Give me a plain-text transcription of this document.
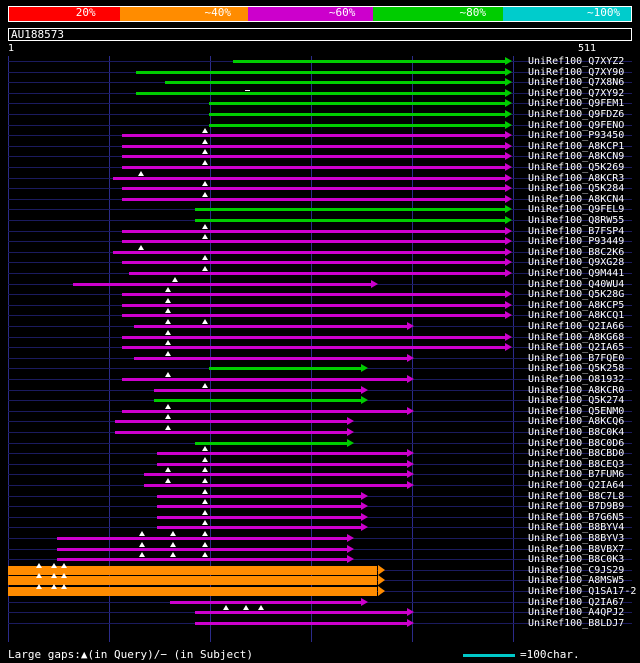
20%	~40%	~60%	~80%	~100%
AU188573
1	511
UniRef100_Q7XYZ2
UniRef100_Q7XY90
UniRef100_Q7X8N6
UniRef100_Q7XY92
UniRef100_Q9FEM1
UniRef100_Q9FDZ6
UniRef100_Q9FENO
UniRef100_P93450
UniRef100_A8KCP1
UniRef100_A8KCN9
UniRef100_Q5K269
UniRef100_A8KCR3
UniRef100_Q5K284
UniRef100_A8KCN4
UniRef100_Q9FEL9
UniRef100_Q8RW55
UniRef100_B7FSP4
UniRef100_P93449
UniRef100_B8C2K6
UniRef100_Q9XG28
UniRef100_Q9M441
UniRef100_Q40WU4
UniRef100_Q5K28G
UniRef100_A8KCP5
UniRef100_A8KCQ1
UniRef100_Q2IA66
UniRef100_A8KG68
UniRef100_Q2IA65
UniRef100_B7FQE0
UniRef100_Q5K258
UniRef100_O81932
UniRef100_A8KCR0
UniRef100_Q5K274
UniRef100_Q5ENM0
UniRef100_A8KCQ6
UniRef100_B8C0K4
UniRef100_B8C0D6
UniRef100_B8CBD0
UniRef100_B8CEQ3
UniRef100_B7FUM6
UniRef100_Q2IA64
UniRef100_B8C7L8
UniRef100_B7D9B9
UniRef100_B7G6N5
UniRef100_B8BYV4
UniRef100_B8BYV3
UniRef100_B8VBX7
UniRef100_B8C0K3
UniRef100_C9JS29
UniRef100_A8MSW5
UniRef100_Q1SA17-2
UniRef100_Q2IA67
UniRef100_A4QPJ2
UniRef100_B8LDJ7
Large gaps:▲(in Query)/− (in Subject)	=100char.
